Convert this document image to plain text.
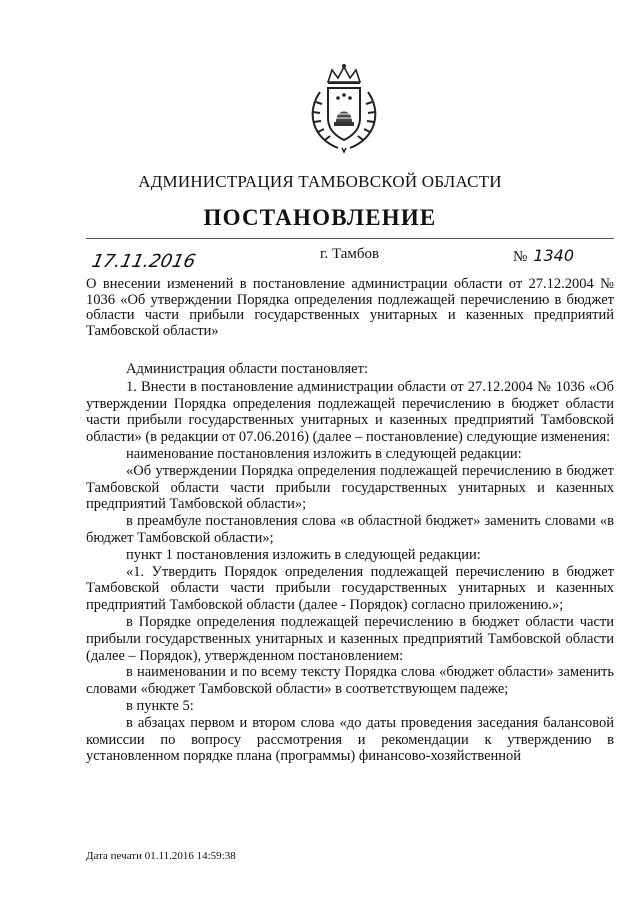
АДМИНИСТРАЦИЯ ТАМБОВСКОЙ ОБЛАСТИ
ПОСТАНОВЛЕНИЕ
17.11.2016	г. Тамбов	№ 1340
О внесении изменений в постановление администрации области от 27.12.2004 № 1036 «Об утверждении Порядка определения подлежащей перечислению в бюджет области части прибыли государственных унитарных и казенных предприятий Тамбовской области»

Администрация области постановляет:

1. Внести в постановление администрации области от 27.12.2004 № 1036 «Об утверждении Порядка определения подлежащей перечислению в бюджет области части прибыли государственных унитарных и казенных предприятий Тамбовской области» (в редакции от 07.06.2016) (далее – постановление) следующие изменения:

наименование постановления изложить в следующей редакции:

«Об утверждении Порядка определения подлежащей перечислению в бюджет Тамбовской области части прибыли государственных унитарных и казенных предприятий Тамбовской области»;

в преамбуле постановления слова «в областной бюджет» заменить словами «в бюджет Тамбовской области»;

пункт 1 постановления изложить в следующей редакции:

«1. Утвердить Порядок определения подлежащей перечислению в бюджет Тамбовской области части прибыли государственных унитарных и казенных предприятий Тамбовской области (далее - Порядок) согласно приложению.»;

в Порядке определения подлежащей перечислению в бюджет области части прибыли государственных унитарных и казенных предприятий Тамбовской области (далее – Порядок), утвержденном постановлением:

в наименовании и по всему тексту Порядка слова «бюджет области» заменить словами «бюджет Тамбовской области» в соответствующем падеже;

в пункте 5:

в абзацах первом и втором слова «до даты проведения заседания балансовой комиссии по вопросу рассмотрения и рекомендации к утверждению в установленном порядке плана (программы) финансово-хозяйственной

Дата печати 01.11.2016 14:59:38
